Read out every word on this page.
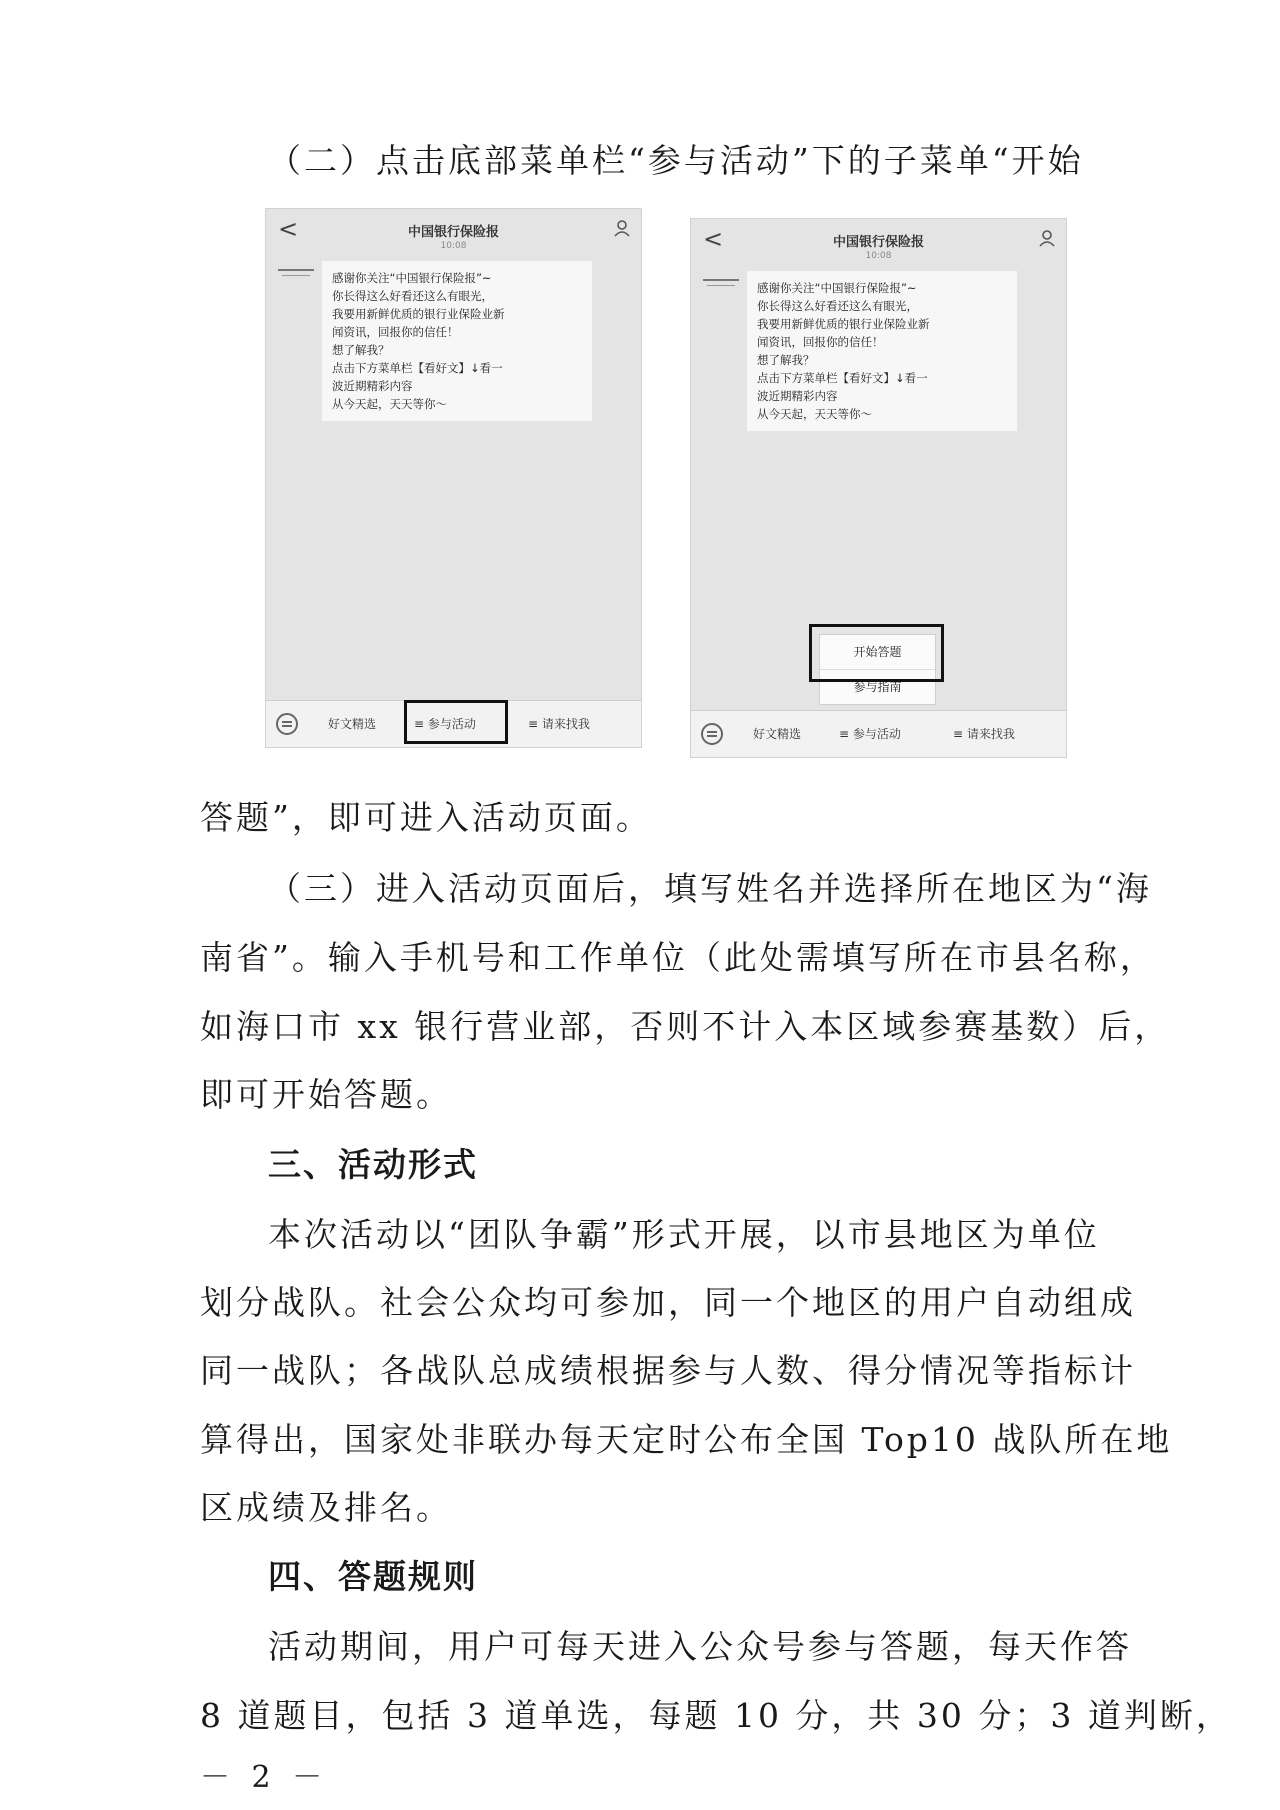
（二）点击底部菜单栏“参与活动”下的子菜单“开始
<	中国银行保险报
10:08
感谢你关注“中国银行保险报”~
你长得这么好看还这么有眼光，
我要用新鲜优质的银行业保险业新
闻资讯，回报你的信任！
想了解我？
点击下方菜单栏【看好文】↓看一
波近期精彩内容
从今天起，天天等你～
好文精选	≡ 参与活动	≡ 请来找我
<	中国银行保险报
10:08
感谢你关注“中国银行保险报”~
你长得这么好看还这么有眼光，
我要用新鲜优质的银行业保险业新
闻资讯，回报你的信任！
想了解我？
点击下方菜单栏【看好文】↓看一
波近期精彩内容
从今天起，天天等你～
开始答题
参与指南
好文精选	≡ 参与活动	≡ 请来找我
答题”，即可进入活动页面。
（三）进入活动页面后，填写姓名并选择所在地区为“海
南省”。输入手机号和工作单位（此处需填写所在市县名称，
如海口市 xx 银行营业部，否则不计入本区域参赛基数）后，
即可开始答题。
三、活动形式
本次活动以“团队争霸”形式开展，以市县地区为单位
划分战队。社会公众均可参加，同一个地区的用户自动组成
同一战队；各战队总成绩根据参与人数、得分情况等指标计
算得出，国家处非联办每天定时公布全国 Top10 战队所在地
区成绩及排名。
四、答题规则
活动期间，用户可每天进入公众号参与答题，每天作答
8 道题目，包括 3 道单选，每题 10 分，共 30 分；3 道判断，
－ 2 －
